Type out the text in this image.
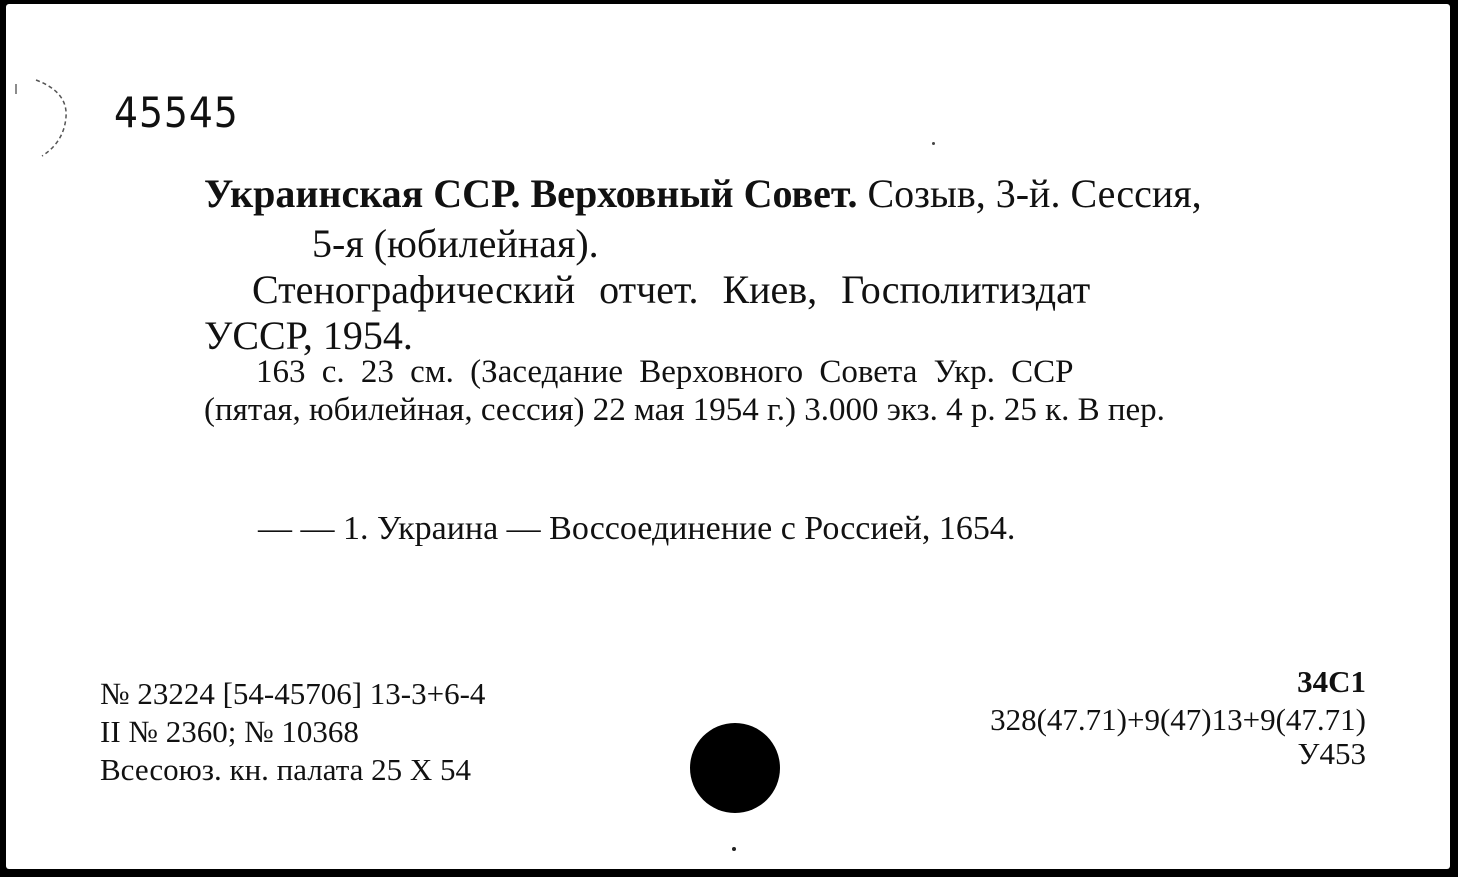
45545
Украинская ССР. Верховный Совет. Созыв, 3-й. Сессия,
5-я (юбилейная).
Стенографический отчет. Киев, Госполитиздат
УССР, 1954.
163 с. 23 см. (Заседание Верховного Совета Укр. ССР
(пятая, юбилейная, сессия) 22 мая 1954 г.) 3.000 экз. 4 р. 25 к. В пер.
— — 1. Украина — Воссоединение с Россией, 1654.
№ 23224 [54-45706] 13-3+6-4
II № 2360; № 10368
Всесоюз. кн. палата 25 X 54
34С1
328(47.71)+9(47)13+9(47.71)
У453
